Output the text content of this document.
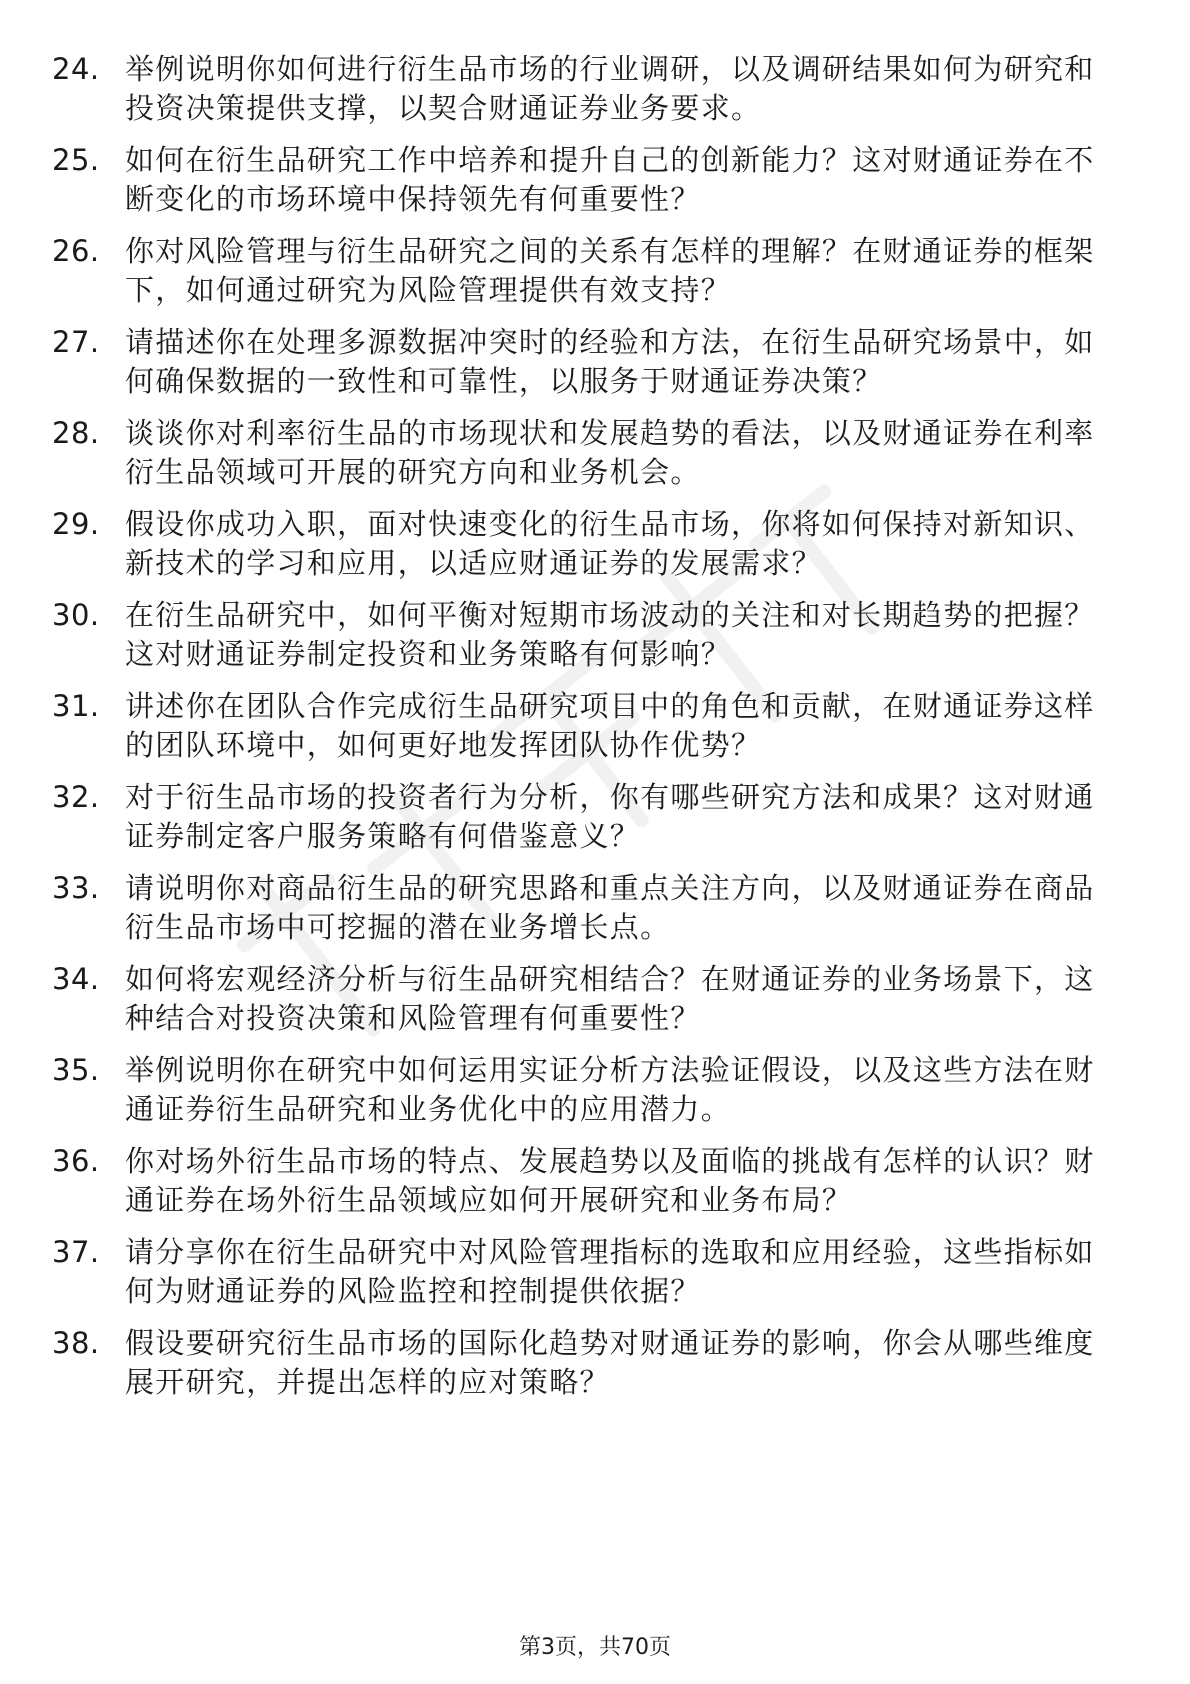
24. 举例说明你如何进行衍生品市场的行业调研，以及调研结果如何为研究和投资决策提供支撑，以契合财通证券业务要求。
25. 如何在衍生品研究工作中培养和提升自己的创新能力？这对财通证券在不断变化的市场环境中保持领先有何重要性？
26. 你对风险管理与衍生品研究之间的关系有怎样的理解？在财通证券的框架下，如何通过研究为风险管理提供有效支持？
27. 请描述你在处理多源数据冲突时的经验和方法，在衍生品研究场景中，如何确保数据的一致性和可靠性，以服务于财通证券决策？
28. 谈谈你对利率衍生品的市场现状和发展趋势的看法，以及财通证券在利率衍生品领域可开展的研究方向和业务机会。
29. 假设你成功入职，面对快速变化的衍生品市场，你将如何保持对新知识、新技术的学习和应用，以适应财通证券的发展需求？
30. 在衍生品研究中，如何平衡对短期市场波动的关注和对长期趋势的把握？这对财通证券制定投资和业务策略有何影响？
31. 讲述你在团队合作完成衍生品研究项目中的角色和贡献，在财通证券这样的团队环境中，如何更好地发挥团队协作优势？
32. 对于衍生品市场的投资者行为分析，你有哪些研究方法和成果？这对财通证券制定客户服务策略有何借鉴意义？
33. 请说明你对商品衍生品的研究思路和重点关注方向，以及财通证券在商品衍生品市场中可挖掘的潜在业务增长点。
34. 如何将宏观经济分析与衍生品研究相结合？在财通证券的业务场景下，这种结合对投资决策和风险管理有何重要性？
35. 举例说明你在研究中如何运用实证分析方法验证假设，以及这些方法在财通证券衍生品研究和业务优化中的应用潜力。
36. 你对场外衍生品市场的特点、发展趋势以及面临的挑战有怎样的认识？财通证券在场外衍生品领域应如何开展研究和业务布局？
37. 请分享你在衍生品研究中对风险管理指标的选取和应用经验，这些指标如何为财通证券的风险监控和控制提供依据？
38. 假设要研究衍生品市场的国际化趋势对财通证券的影响，你会从哪些维度展开研究，并提出怎样的应对策略？
第3页，共70页
